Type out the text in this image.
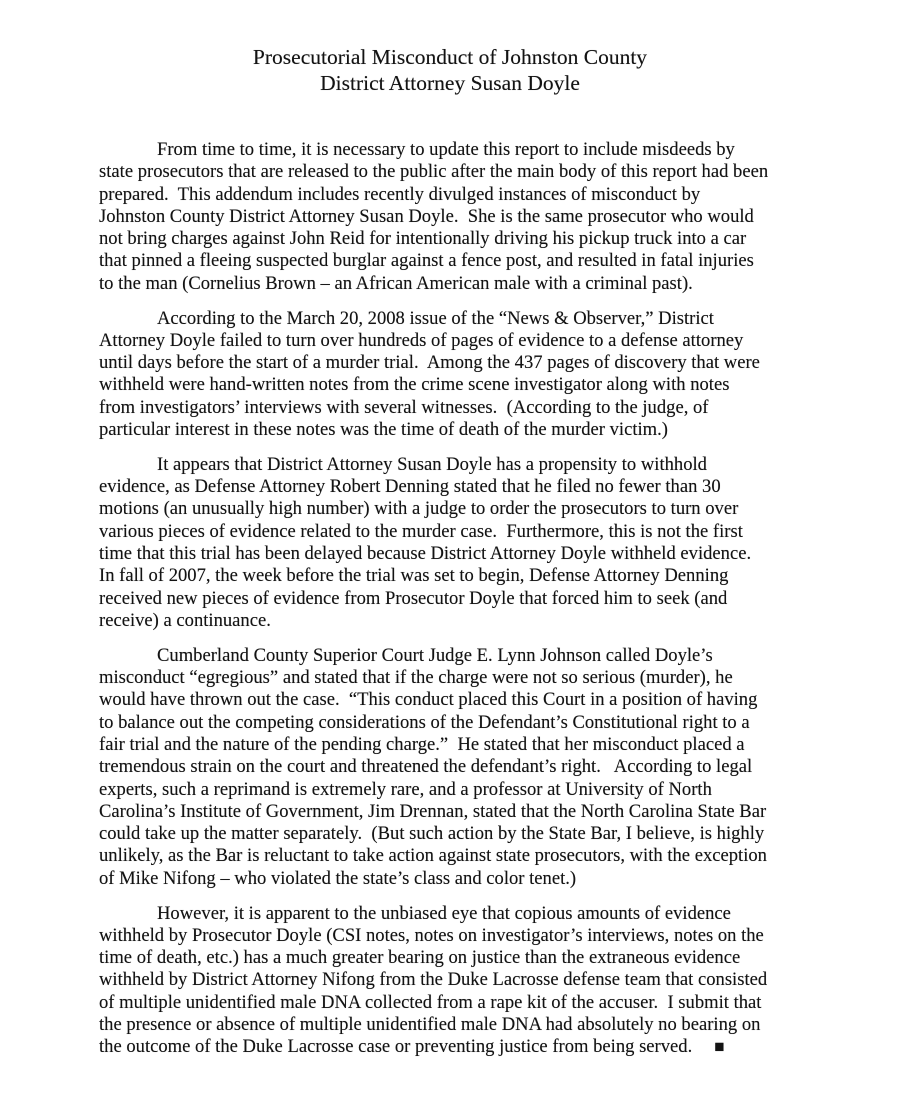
Prosecutorial Misconduct of Johnston County
District Attorney Susan Doyle

From time to time, it is necessary to update this report to include misdeeds by
state prosecutors that are released to the public after the main body of this report had been
prepared.  This addendum includes recently divulged instances of misconduct by
Johnston County District Attorney Susan Doyle.  She is the same prosecutor who would
not bring charges against John Reid for intentionally driving his pickup truck into a car
that pinned a fleeing suspected burglar against a fence post, and resulted in fatal injuries
to the man (Cornelius Brown – an African American male with a criminal past).

According to the March 20, 2008 issue of the “News & Observer,” District
Attorney Doyle failed to turn over hundreds of pages of evidence to a defense attorney
until days before the start of a murder trial.  Among the 437 pages of discovery that were
withheld were hand-written notes from the crime scene investigator along with notes
from investigators’ interviews with several witnesses.  (According to the judge, of
particular interest in these notes was the time of death of the murder victim.)

It appears that District Attorney Susan Doyle has a propensity to withhold
evidence, as Defense Attorney Robert Denning stated that he filed no fewer than 30
motions (an unusually high number) with a judge to order the prosecutors to turn over
various pieces of evidence related to the murder case.  Furthermore, this is not the first
time that this trial has been delayed because District Attorney Doyle withheld evidence.
In fall of 2007, the week before the trial was set to begin, Defense Attorney Denning
received new pieces of evidence from Prosecutor Doyle that forced him to seek (and
receive) a continuance.

Cumberland County Superior Court Judge E. Lynn Johnson called Doyle’s
misconduct “egregious” and stated that if the charge were not so serious (murder), he
would have thrown out the case.  “This conduct placed this Court in a position of having
to balance out the competing considerations of the Defendant’s Constitutional right to a
fair trial and the nature of the pending charge.”  He stated that her misconduct placed a
tremendous strain on the court and threatened the defendant’s right.   According to legal
experts, such a reprimand is extremely rare, and a professor at University of North
Carolina’s Institute of Government, Jim Drennan, stated that the North Carolina State Bar
could take up the matter separately.  (But such action by the State Bar, I believe, is highly
unlikely, as the Bar is reluctant to take action against state prosecutors, with the exception
of Mike Nifong – who violated the state’s class and color tenet.)

However, it is apparent to the unbiased eye that copious amounts of evidence
withheld by Prosecutor Doyle (CSI notes, notes on investigator’s interviews, notes on the
time of death, etc.) has a much greater bearing on justice than the extraneous evidence
withheld by District Attorney Nifong from the Duke Lacrosse defense team that consisted
of multiple unidentified male DNA collected from a rape kit of the accuser.  I submit that
the presence or absence of multiple unidentified male DNA had absolutely no bearing on
the outcome of the Duke Lacrosse case or preventing justice from being served. ■
